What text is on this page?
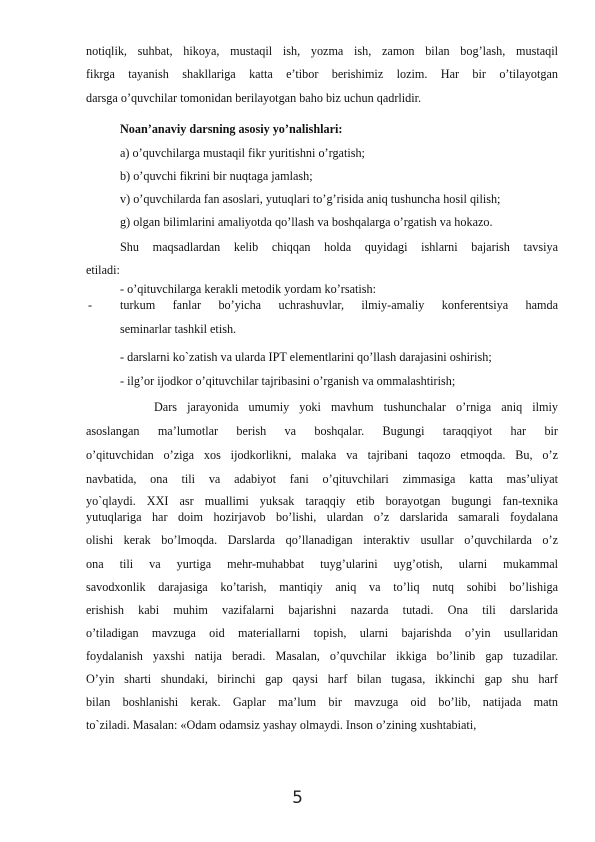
notiqlik, suhbat, hikoya, mustaqil ish, yozma ish, zamon bilan bog’lash, mustaqil
fikrga tayanish shakllariga katta e’tibor berishimiz lozim. Har bir o’tilayotgan
darsga o’quvchilar tomonidan berilayotgan baho biz uchun qadrlidir.
Noan’anaviy darsning asosiy yo’nalishlari:
a) o’quvchilarga mustaqil fikr yuritishni o’rgatish;
b) o’quvchi fikrini bir nuqtaga jamlash;
v) o’quvchilarda fan asoslari, yutuqlari to’g’risida aniq tushuncha hosil qilish;
g) olgan bilimlarini amaliyotda qo’llash va boshqalarga o’rgatish va hokazo.
Shu maqsadlardan kelib chiqqan holda quyidagi ishlarni bajarish tavsiya
etiladi:
- o’qituvchilarga kerakli metodik yordam ko’rsatish:
- turkum fanlar bo’yicha uchrashuvlar, ilmiy-amaliy konferentsiya hamda
seminarlar tashkil etish.
- darslarni ko`zatish va ularda IPT elementlarini qo’llash darajasini oshirish;
- ilg’or ijodkor o’qituvchilar tajribasini o’rganish va ommalashtirish;
Dars jarayonida umumiy yoki mavhum tushunchalar o’rniga aniq ilmiy
asoslangan ma’lumotlar berish va boshqalar. Bugungi taraqqiyot har bir
o’qituvchidan o’ziga xos ijodkorlikni, malaka va tajribani taqozo etmoqda. Bu, o’z
navbatida, ona tili va adabiyot fani o’qituvchilari zimmasiga katta mas’uliyat
yo`qlaydi. XXI asr muallimi yuksak taraqqiy etib borayotgan bugungi fan-texnika
yutuqlariga har doim hozirjavob bo’lishi, ulardan o’z darslarida samarali foydalana
olishi kerak bo’lmoqda. Darslarda qo’llanadigan interaktiv usullar o’quvchilarda o’z
ona tili va yurtiga mehr-muhabbat tuyg’ularini uyg’otish, ularni mukammal
savodxonlik darajasiga ko’tarish, mantiqiy aniq va to’liq nutq sohibi bo’lishiga
erishish kabi muhim vazifalarni bajarishni nazarda tutadi. Ona tili darslarida
o’tiladigan mavzuga oid materiallarni topish, ularni bajarishda o’yin usullaridan
foydalanish yaxshi natija beradi. Masalan, o’quvchilar ikkiga bo’linib gap tuzadilar.
O’yin sharti shundaki, birinchi gap qaysi harf bilan tugasa, ikkinchi gap shu harf
bilan boshlanishi kerak. Gaplar ma’lum bir mavzuga oid bo’lib, natijada matn
to`ziladi. Masalan: «Odam odamsiz yashay olmaydi. Inson o’zining xushtabiati,
5
